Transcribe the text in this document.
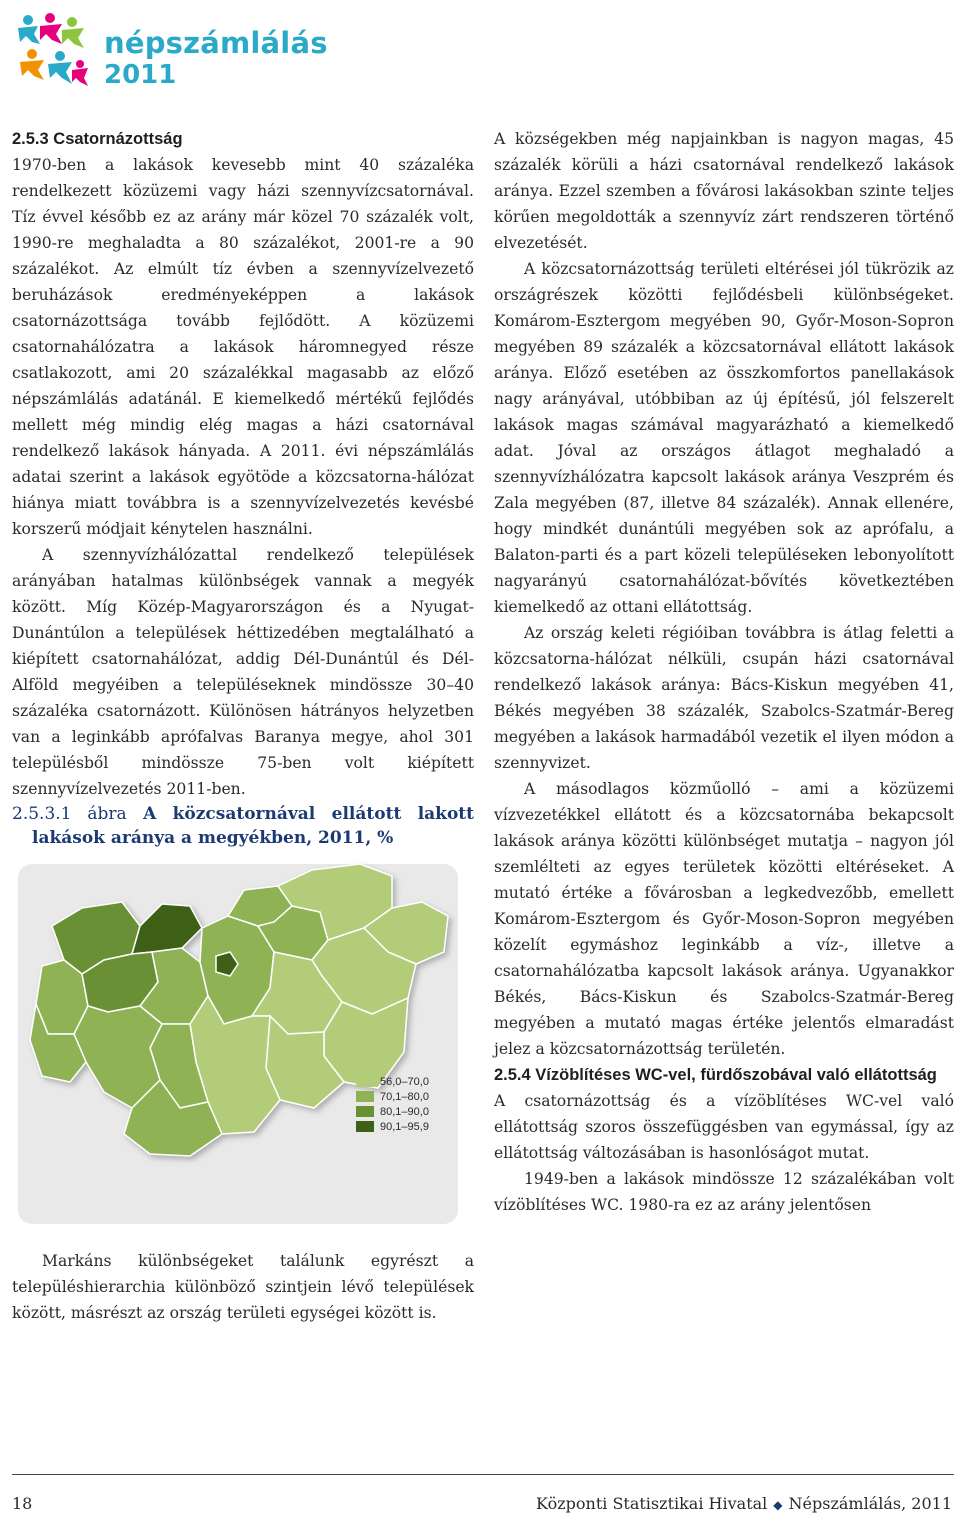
népszámlálás
2011

2.5.3 Csatornázottság

1970-ben a lakások kevesebb mint 40 százaléka rendelkezett közüzemi vagy házi szennyvízcsatornával. Tíz évvel később ez az arány már közel 70 százalék volt, 1990-re meghaladta a 80 százalékot, 2001-re a 90 százalékot. Az elmúlt tíz évben a szennyvízelvezető beruházások eredményeképpen a lakások csatornázottsága tovább fejlődött. A közüzemi csatornahálózatra a lakások háromnegyed része csatlakozott, ami 20 százalékkal magasabb az előző népszámlálás adatánál. E kiemelkedő mértékű fejlődés mellett még mindig elég magas a házi csatornával rendelkező lakások hányada. A 2011. évi népszámlálás adatai szerint a lakások egyötöde a közcsatorna-hálózat hiánya miatt továbbra is a szennyvízelvezetés kevésbé korszerű módjait kénytelen használni.

A szennyvízhálózattal rendelkező települések arányában hatalmas különbségek vannak a megyék között. Míg Közép-Magyarországon és a Nyugat-Dunántúlon a települések héttizedében megtalálható a kiépített csatornahálózat, addig Dél-Dunántúl és Dél-Alföld megyéiben a településeknek mindössze 30–40 százaléka csatornázott. Különösen hátrányos helyzetben van a leginkább aprófalvas Baranya megye, ahol 301 településből mindössze 75-ben volt kiépített szennyvízelvezetés 2011-ben.

2.5.3.1 ábra A közcsatornával ellátott lakott lakások aránya a megyékben, 2011, %

56,0–70,0
70,1–80,0
80,1–90,0
90,1–95,9

Markáns különbségeket találunk egyrészt a településhierarchia különböző szintjein lévő települések között, másrészt az ország területi egységei között is.

A községekben még napjainkban is nagyon magas, 45 százalék körüli a házi csatornával rendelkező lakások aránya. Ezzel szemben a fővárosi lakásokban szinte teljes körűen megoldották a szennyvíz zárt rendszeren történő elvezetését.

A közcsatornázottság területi eltérései jól tükrözik az országrészek közötti fejlődésbeli különbségeket. Komárom-Esztergom megyében 90, Győr-Moson-Sopron megyében 89 százalék a közcsatornával ellátott lakások aránya. Előző esetében az összkomfortos panellakások nagy arányával, utóbbiban az új építésű, jól felszerelt lakások magas számával magyarázható a kiemelkedő adat. Jóval az országos átlagot meghaladó a szennyvízhálózatra kapcsolt lakások aránya Veszprém és Zala megyében (87, illetve 84 százalék). Annak ellenére, hogy mindkét dunántúli megyében sok az aprófalu, a Balaton-parti és a part közeli településeken lebonyolított nagyarányú csatornahálózat-bővítés következtében kiemelkedő az ottani ellátottság.

Az ország keleti régióiban továbbra is átlag feletti a közcsatorna-hálózat nélküli, csupán házi csatornával rendelkező lakások aránya: Bács-Kiskun megyében 41, Békés megyében 38 százalék, Szabolcs-Szatmár-Bereg megyében a lakások harmadából vezetik el ilyen módon a szennyvizet.

A másodlagos közműolló – ami a közüzemi vízvezetékkel ellátott és a közcsatornába bekapcsolt lakások aránya közötti különbséget mutatja – nagyon jól szemlélteti az egyes területek közötti eltéréseket. A mutató értéke a fővárosban a legkedvezőbb, emellett Komárom-Esztergom és Győr-Moson-Sopron megyében közelít egymáshoz leginkább a víz-, illetve a csatornahálózatba kapcsolt lakások aránya. Ugyanakkor Békés, Bács-Kiskun és Szabolcs-Szatmár-Bereg megyében a mutató magas értéke jelentős elmaradást jelez a közcsatornázottság területén.

2.5.4 Vízöblítéses WC-vel, fürdőszobával való ellátottság

A csatornázottság és a vízöblítéses WC-vel való ellátottság szoros összefüggésben van egymással, így az ellátottság változásában is hasonlóságot mutat.

1949-ben a lakások mindössze 12 százalékában volt vízöblítéses WC. 1980-ra ez az arány jelentősen

18	Központi Statisztikai Hivatal ◆ Népszámlálás, 2011
